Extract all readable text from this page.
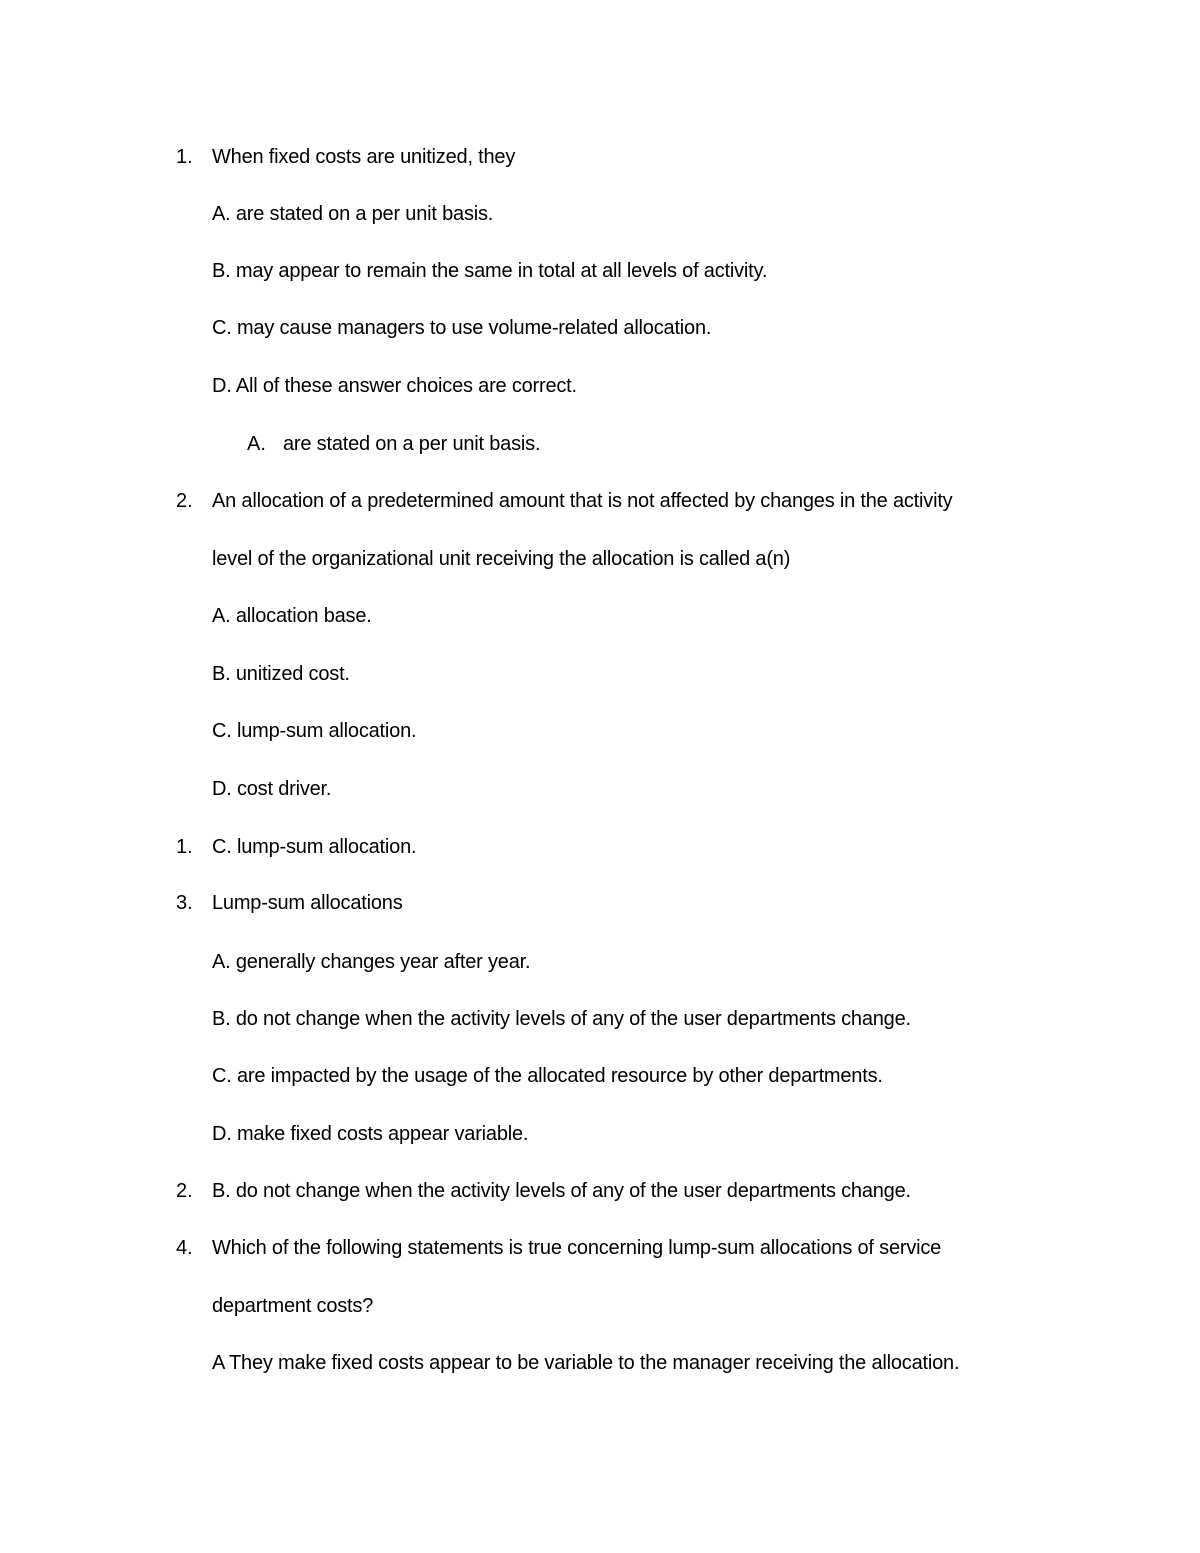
1. When fixed costs are unitized, they
A. are stated on a per unit basis.
B. may appear to remain the same in total at all levels of activity.
C. may cause managers to use volume-related allocation.
D. All of these answer choices are correct.
A. are stated on a per unit basis.
2. An allocation of a predetermined amount that is not affected by changes in the activity
level of the organizational unit receiving the allocation is called a(n)
A. allocation base.
B. unitized cost.
C. lump-sum allocation.
D. cost driver.
1. C. lump-sum allocation.
3. Lump-sum allocations
A. generally changes year after year.
B. do not change when the activity levels of any of the user departments change.
C. are impacted by the usage of the allocated resource by other departments.
D. make fixed costs appear variable.
2. B. do not change when the activity levels of any of the user departments change.
4. Which of the following statements is true concerning lump-sum allocations of service
department costs?
A They make fixed costs appear to be variable to the manager receiving the allocation.
